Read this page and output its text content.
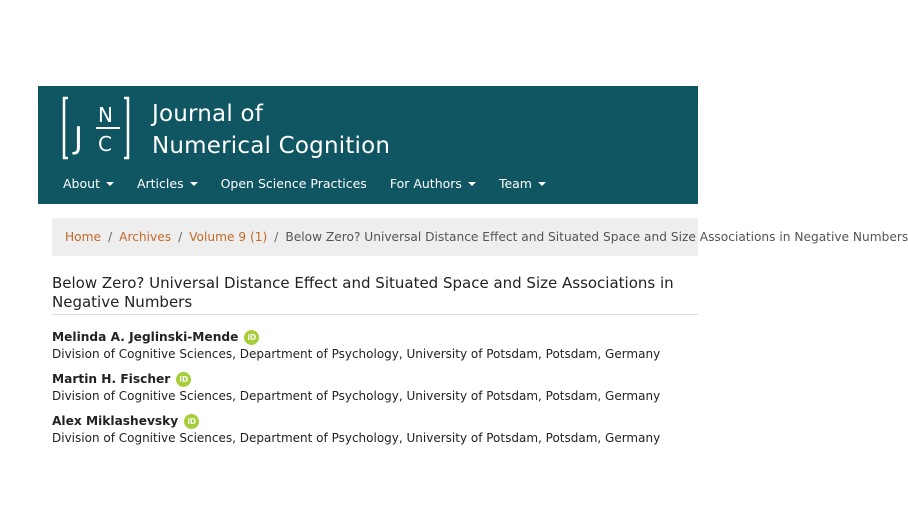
J
N
C
Journal of
Numerical Cognition
About	Articles	Open Science Practices For Authors	Team
Home / Archives / Volume 9 (1) / Below Zero? Universal Distance Effect and Situated Space and Size Associations in Negative Numbers
Below Zero? Universal Distance Effect and Situated Space and Size Associations in Negative Numbers
Melinda A. Jeglinski-Mende	iD
Division of Cognitive Sciences, Department of Psychology, University of Potsdam, Potsdam, Germany
Martin H. Fischer	iD
Division of Cognitive Sciences, Department of Psychology, University of Potsdam, Potsdam, Germany
Alex Miklashevsky	iD
Division of Cognitive Sciences, Department of Psychology, University of Potsdam, Potsdam, Germany
